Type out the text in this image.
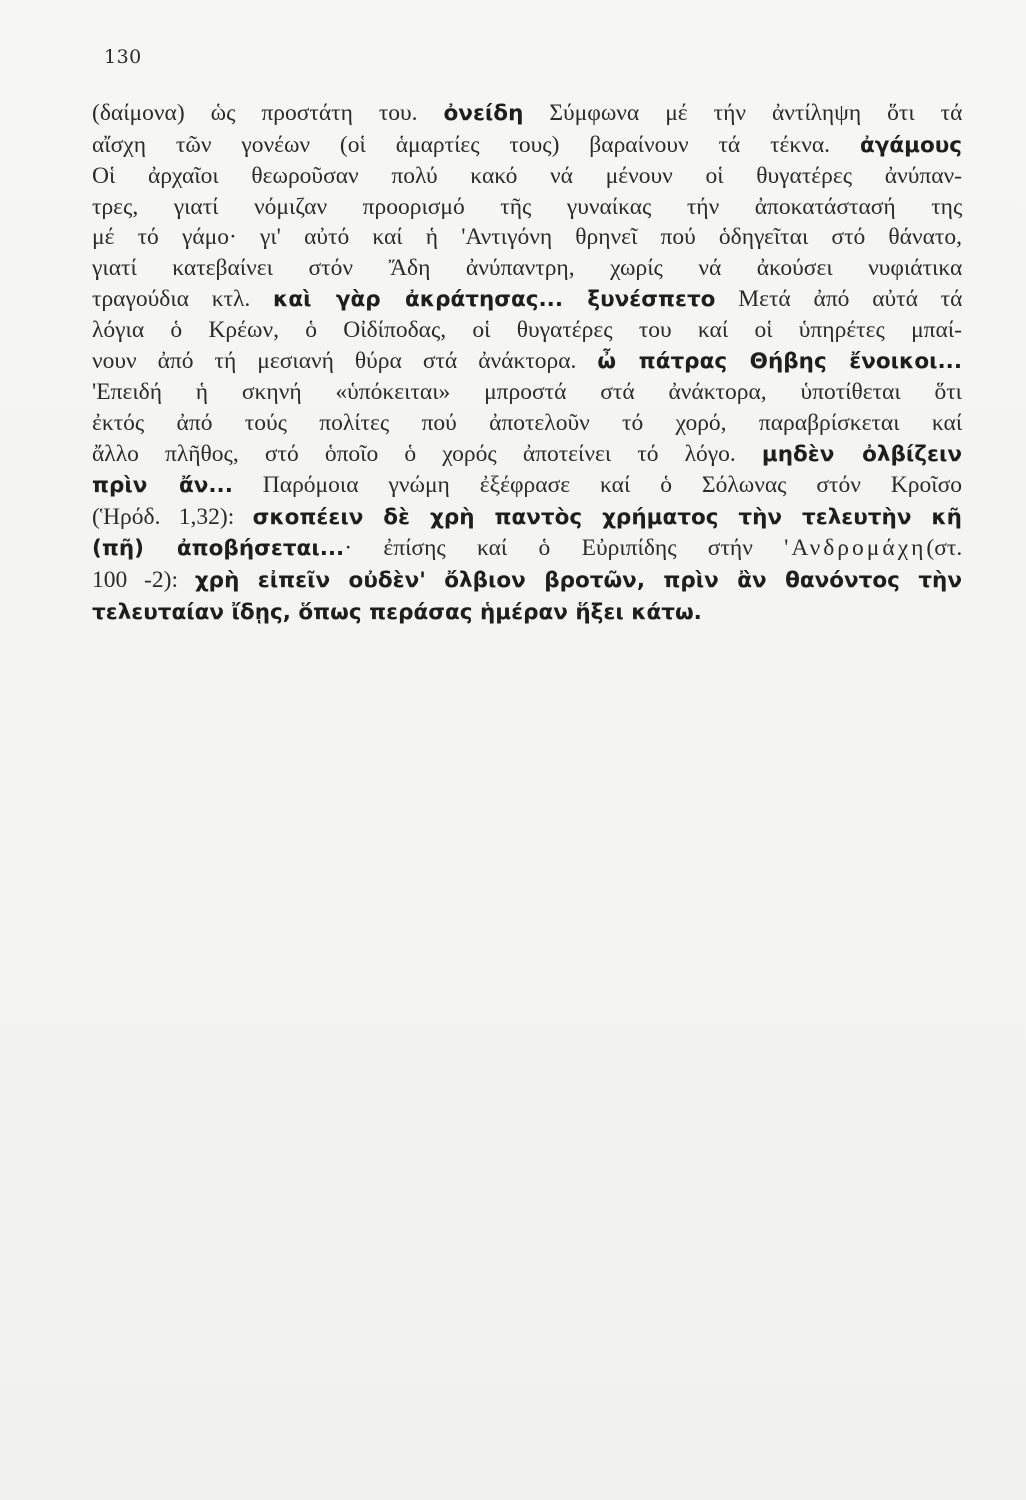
130
(δαίμονα) ὡς προστάτη του. ὀνείδη Σύμφωνα μέ τήν ἀντίληψη ὅτι τά
αἴσχη τῶν γονέων (οἱ ἁμαρτίες τους) βαραίνουν τά τέκνα. ἀγάμους
Οἱ ἀρχαῖοι θεωροῦσαν πολύ κακό νά μένουν οἱ θυγατέρες ἀνύπαν-
τρες, γιατί νόμιζαν προορισμό τῆς γυναίκας τήν ἀποκατάστασή της
μέ τό γάμο· γι' αὐτό καί ἡ 'Αντιγόνη θρηνεῖ πού ὁδηγεῖται στό θάνατο,
γιατί κατεβαίνει στόν Ἄδη ἀνύπαντρη, χωρίς νά ἀκούσει νυφιάτικα
τραγούδια κτλ. καὶ γὰρ ἀκράτησας... ξυνέσπετο Μετά ἀπό αὐτά τά
λόγια ὁ Κρέων, ὁ Οἰδίποδας, οἱ θυγατέρες του καί οἱ ὑπηρέτες μπαί-
νουν ἀπό τή μεσιανή θύρα στά ἀνάκτορα. ὦ πάτρας Θήβης ἔνοικοι...
'Επειδή ἡ σκηνή «ὑπόκειται» μπροστά στά ἀνάκτορα, ὑποτίθεται ὅτι
ἐκτός ἀπό τούς πολίτες πού ἀποτελοῦν τό χορό, παραβρίσκεται καί
ἄλλο πλῆθος, στό ὁποῖο ὁ χορός ἀποτείνει τό λόγο. μηδὲν ὀλβίζειν
πρὶν ἄν... Παρόμοια γνώμη ἐξέφρασε καί ὁ Σόλωνας στόν Κροῖσο
(Ἡρόδ. 1,32): σκοπέειν δὲ χρὴ παντὸς χρήματος τὴν τελευτὴν κῆ
(πῆ) ἀποβήσεται...· ἐπίσης καί ὁ Εὐριπίδης στήν 'Ανδρομάχη(στ.
100 -2): χρὴ εἰπεῖν οὐδὲν' ὄλβιον βροτῶν, πρὶν ἂν θανόντος τὴν
τελευταίαν ἴδῃς, ὅπως περάσας ἡμέραν ἥξει κάτω.
